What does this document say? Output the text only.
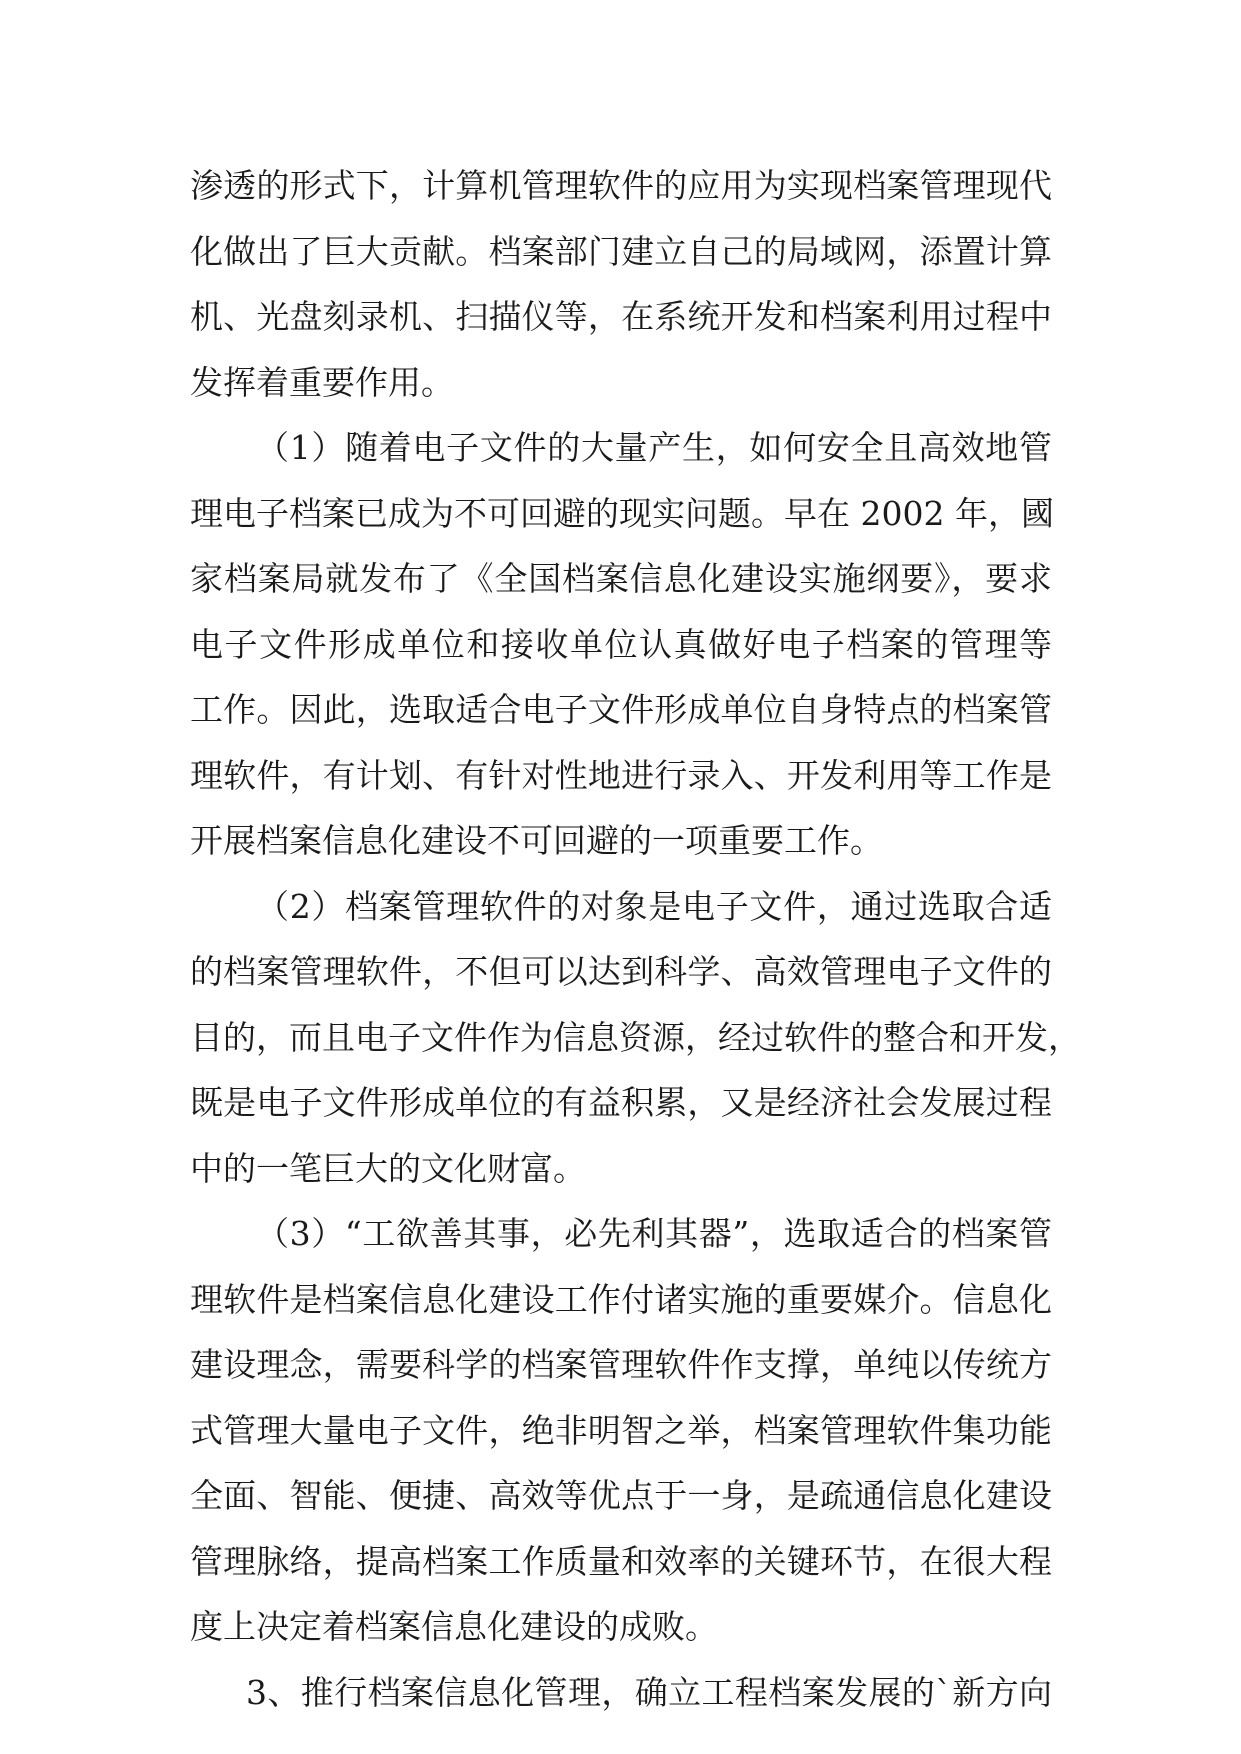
渗透的形式下，计算机管理软件的应用为实现档案管理现代
化做出了巨大贡献。档案部门建立自己的局域网，添置计算
机、光盘刻录机、扫描仪等，在系统开发和档案利用过程中
发挥着重要作用。
（1）随着电子文件的大量产生，如何安全且高效地管
理电子档案已成为不可回避的现实问题。早在 2002 年，國
家档案局就发布了《全国档案信息化建设实施纲要》，要求
电子文件形成单位和接收单位认真做好电子档案的管理等
工作。因此，选取适合电子文件形成单位自身特点的档案管
理软件，有计划、有针对性地进行录入、开发利用等工作是
开展档案信息化建设不可回避的一项重要工作。
（2）档案管理软件的对象是电子文件，通过选取合适
的档案管理软件，不但可以达到科学、高效管理电子文件的
目的，而且电子文件作为信息资源，经过软件的整合和开发，
既是电子文件形成单位的有益积累，又是经济社会发展过程
中的一笔巨大的文化财富。
（3）“工欲善其事，必先利其器”，选取适合的档案管
理软件是档案信息化建设工作付诸实施的重要媒介。信息化
建设理念，需要科学的档案管理软件作支撑，单纯以传统方
式管理大量电子文件，绝非明智之举，档案管理软件集功能
全面、智能、便捷、高效等优点于一身，是疏通信息化建设
管理脉络，提高档案工作质量和效率的关键环节，在很大程
度上决定着档案信息化建设的成败。
3、推行档案信息化管理，确立工程档案发展的`新方向
